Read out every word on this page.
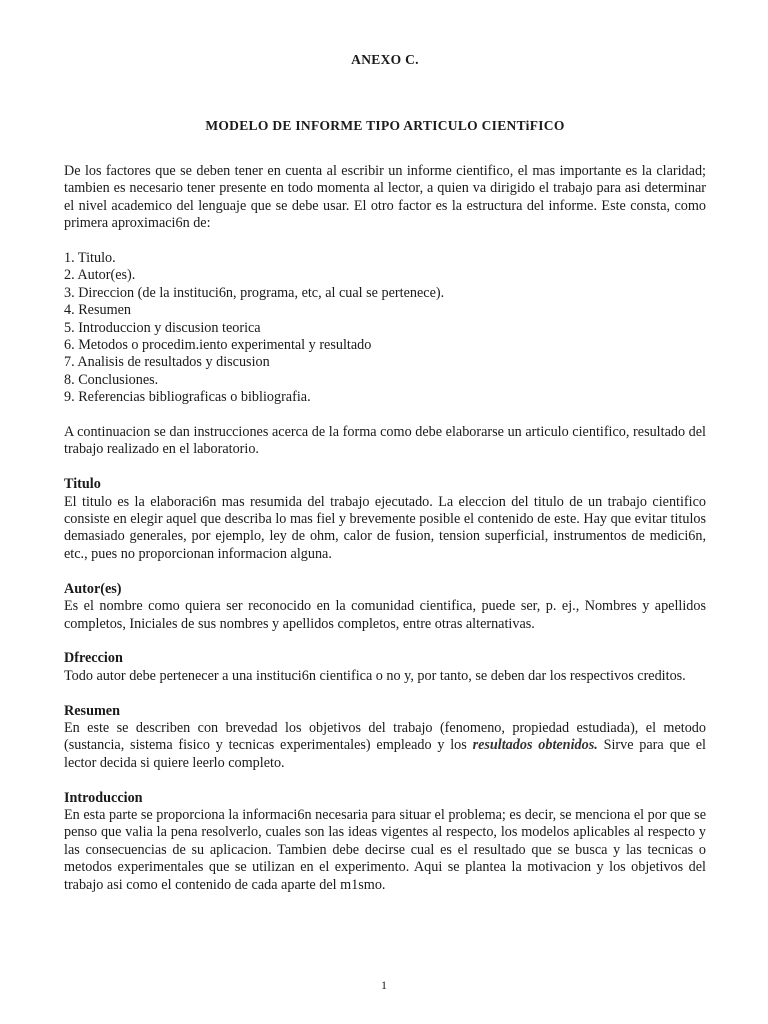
ANEXO C.
MODELO DE INFORME TIPO ARTICULO CIENTiFICO

De los factores que se deben tener en cuenta al escribir un informe cientifico, el mas importante es la claridad; tambien es necesario tener presente en todo momenta al lector, a quien va dirigido el trabajo para asi determinar el nivel academico del lenguaje que se debe usar. El otro factor es la estructura del informe. Este consta, como primera aproximaci6n de:

1. Titulo.
2. Autor(es).
3. Direccion (de la instituci6n, programa, etc, al cual se pertenece).
4. Resumen
5. Introduccion y discusion teorica
6. Metodos o procedim.iento experimental y resultado
7. Analisis de resultados y discusion
8. Conclusiones.
9. Referencias bibliograficas o bibliografia.

A continuacion se dan instrucciones acerca de la forma como debe elaborarse un articulo cientifico, resultado del trabajo realizado en el laboratorio.

Titulo

El titulo es la elaboraci6n mas resumida del trabajo ejecutado. La eleccion del titulo de un trabajo cientifico consiste en elegir aquel que describa lo mas fiel y brevemente posible el contenido de este. Hay que evitar titulos demasiado generales, por ejemplo, ley de ohm, calor de fusion, tension superficial, instrumentos de medici6n, etc., pues no proporcionan informacion alguna.

Autor(es)

Es el nombre como quiera ser reconocido en la comunidad cientifica, puede ser, p. ej., Nombres y apellidos completos, Iniciales de sus nombres y apellidos completos, entre otras alternativas.

Dfreccion

Todo autor debe pertenecer a una instituci6n cientifica o no y, por tanto, se deben dar los respectivos creditos.

Resumen

En este se describen con brevedad los objetivos del trabajo (fenomeno, propiedad estudiada), el metodo (sustancia, sistema fisico y tecnicas experimentales) empleado y los resultados obtenidos. Sirve para que el lector decida si quiere leerlo completo.

Introduccion

En esta parte se proporciona la informaci6n necesaria para situar el problema; es decir, se menciona el por que se penso que valia la pena resolverlo, cuales son las ideas vigentes al respecto, los modelos aplicables al respecto y las consecuencias de su aplicacion. Tambien debe decirse cual es el resultado que se busca y las tecnicas o metodos experimentales que se utilizan en el experimento. Aqui se plantea la motivacion y los objetivos del trabajo asi como el contenido de cada aparte del m1smo.

1
